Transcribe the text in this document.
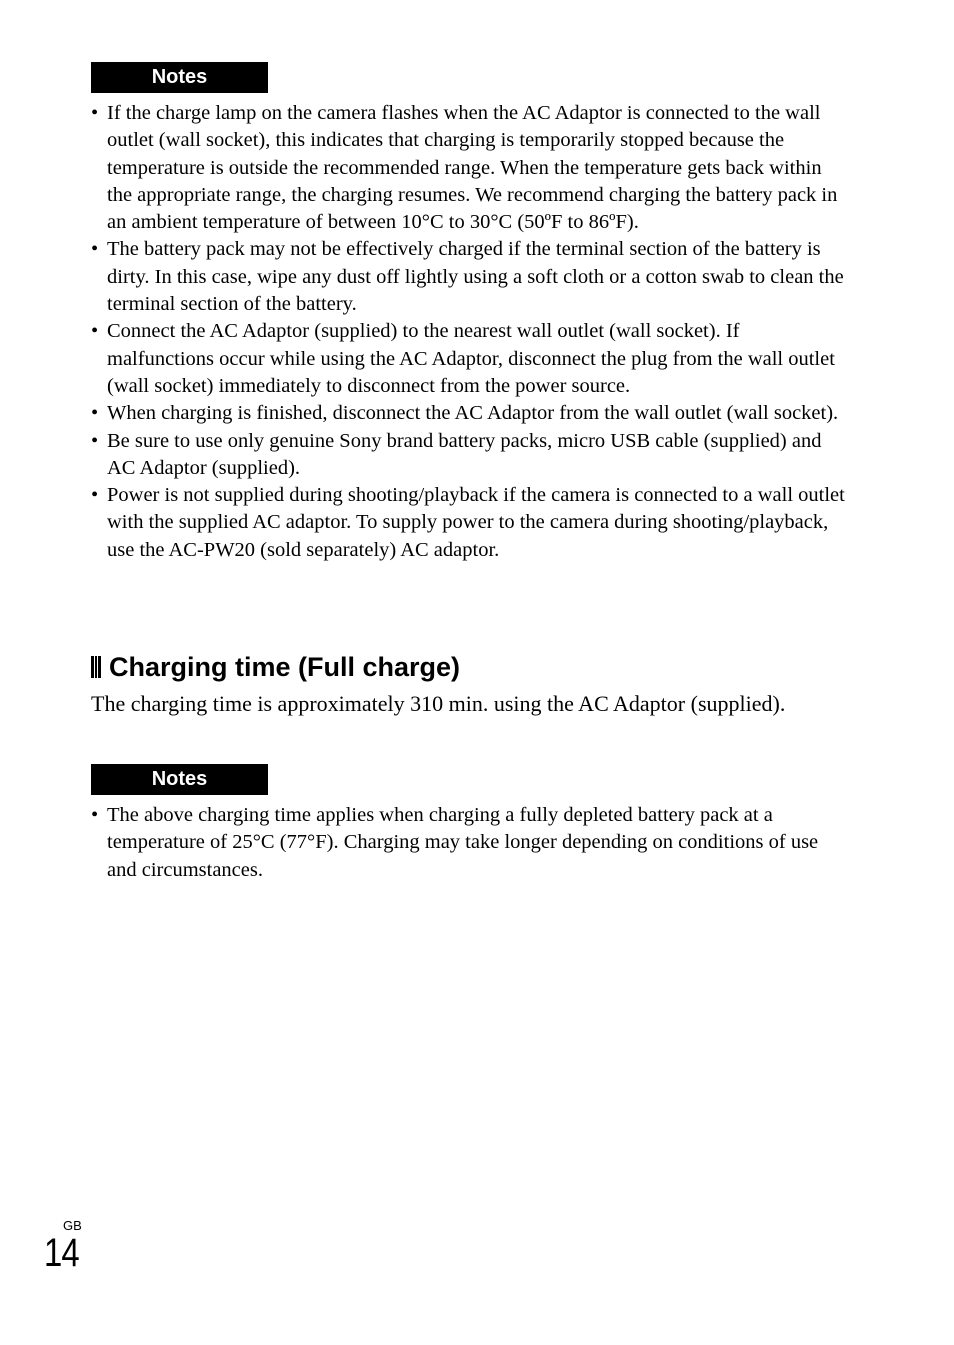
Notes
• If the charge lamp on the camera flashes when the AC Adaptor is connected to the wall outlet (wall socket), this indicates that charging is temporarily stopped because the temperature is outside the recommended range. When the temperature gets back within the appropriate range, the charging resumes. We recommend charging the battery pack in an ambient temperature of between 10°C to 30°C (50ºF to 86ºF).
• The battery pack may not be effectively charged if the terminal section of the battery is dirty. In this case, wipe any dust off lightly using a soft cloth or a cotton swab to clean the terminal section of the battery.
• Connect the AC Adaptor (supplied) to the nearest wall outlet (wall socket). If malfunctions occur while using the AC Adaptor, disconnect the plug from the wall outlet (wall socket) immediately to disconnect from the power source.
• When charging is finished, disconnect the AC Adaptor from the wall outlet (wall socket).
• Be sure to use only genuine Sony brand battery packs, micro USB cable (supplied) and AC Adaptor (supplied).
• Power is not supplied during shooting/playback if the camera is connected to a wall outlet with the supplied AC adaptor. To supply power to the camera during shooting/playback, use the AC-PW20 (sold separately) AC adaptor.
Charging time (Full charge)

The charging time is approximately 310 min. using the AC Adaptor (supplied).

Notes
• The above charging time applies when charging a fully depleted battery pack at a temperature of 25°C (77°F). Charging may take longer depending on conditions of use and circumstances.
GB
14
